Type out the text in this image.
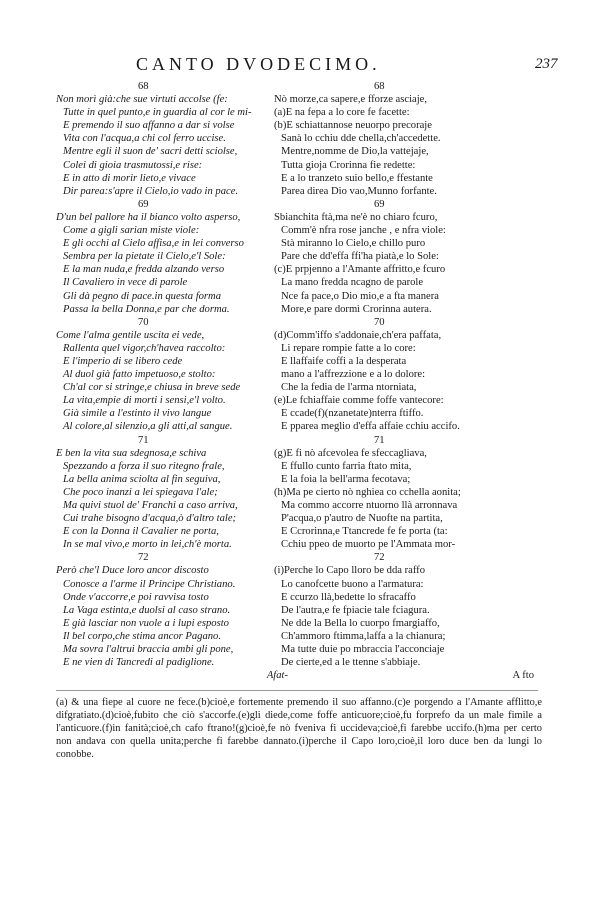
CANTO DVODECIMO.	237
68
Non morì già:che sue virtuti accolse (fe:
Tutte in quel punto,e in guardia al cor le mi-
E premendo il suo affanno a dar si volse
Vita con l'acqua,a chi col ferro uccise.
Mentre egli il suon de' sacri detti sciolse,
Colei di gioia trasmutossi,e rise:
E in atto di morir lieto,e vivace
Dir parea:s'apre il Cielo,io vado in pace.
69
D'un bel pallore ha il bianco volto asperso,
Come a gigli sarian miste viole:
E gli occhi al Cielo affisa,e in lei converso
Sembra per la pietate il Cielo,e'l Sole:
E la man nuda,e fredda alzando verso
Il Cavaliero in vece di parole
Gli dà pegno di pace.in questa forma
Passa la bella Donna,e par che dorma.
70
Come l'alma gentile uscita ei vede,
Rallenta quel vigor,ch'havea raccolto:
E l'imperio di se libero cede
Al duol già fatto impetuoso,e stolto:
Ch'al cor si stringe,e chiusa in breve sede
La vita,empie di morti i sensi,e'l volto.
Già simile a l'estinto il vivo langue
Al colore,al silenzio,a gli atti,al sangue.
71
E ben la vita sua sdegnosa,e schiva
Spezzando a forza il suo ritegno frale,
La bella anima sciolta al fin seguiva,
Che poco inanzi a lei spiegava l'ale;
Ma quivi stuol de' Franchi a caso arriva,
Cui trahe bisogno d'acqua,ò d'altro tale;
E con la Donna il Cavalier ne porta,
In se mal vivo,e morto in lei,ch'è morta.
72
Però che'l Duce loro ancor discosto
Conosce a l'arme il Principe Christiano.
Onde v'accorre,e poi ravvisa tosto
La Vaga estinta,e duolsi al caso strano.
E già lasciar non vuole a i lupi esposto
Il bel corpo,che stima ancor Pagano.
Ma sovra l'altrui braccia ambi gli pone,
E ne vien di Tancredi al padiglione.
Afat-
68
Nò morze,ca sapere,e fforze asciaje,
(a)E na fepa a lo core fe facette:
(b)E schiattannose neuorpo precoraje
Sanà lo cchiu dde chella,ch'accedette.
Mentre,nomme de Dio,la vattejaje,
Tutta gioja Crorinna fie redette:
E a lo tranzeto suio bello,e ffestante
Parea direa Dio vao,Munno forfante.
69
Sbianchita ftà,ma ne'è no chiaro fcuro,
Comm'è nfra rose janche , e nfra viole:
Stà miranno lo Cielo,e chillo puro
Pare che dd'effa ffi'ha piatà,e lo Sole:
(c)E prpjenno a l'Amante affritto,e fcuro
La mano fredda ncagno de parole
Nce fa pace,o Dio mio,e a fta manera
More,e pare dormì Crorinna autera.
70
(d)Comm'iffo s'addonaie,ch'era paffata,
Li repare rompie fatte a lo core:
E llaffaife coffi a la desperata
mano a l'affrezzione e a lo dolore:
Che la fedia de l'arma ntorniata,
(e)Le fchiaffaie comme foffe vantecore:
E ccade(f)(nzanetate)nterra ftiffo.
E pparea meglio d'effa affaie cchiu accifo.
71
(g)E fi nò afcevolea fe sfeccagliava,
E ffullo cunto farria ftato mita,
E la foia la bell'arma fecotava;
(h)Ma pe cierto nò nghiea co cchella aonita;
Ma commo accorre ntuorno llà arronnava
P'acqua,o p'autro de Nuofte na partita,
E Ccrorinna,e Ttancrede fe fe porta (ta:
Cchiu ppeo de muorto pe l'Ammata mor-
72
(i)Perche lo Capo lloro be dda raffo
Lo canofcette buono a l'armatura:
E ccurzo llà,bedette lo sfracaffo
De l'autra,e fe fpiacie tale fciagura.
Ne dde la Bella lo cuorpo fmargiaffo,
Ch'ammoro ftimma,laffa a la chianura;
Ma tutte duie po mbraccia l'acconciaje
De cierte,ed a le ttenne s'abbiaje.
A fto
(a) & una fiepe al cuore ne fece.(b)cioè,e fortemente premendo il suo affanno.(c)e porgendo a l'Amante afflitto,e difgratiato.(d)cioè,fubito che ciò s'accorfe.(e)gli diede,come foffe anticuore;cioè,fu forprefo da un male fimile a l'anticuore.(f)in fanità;cioè,ch cafo ftrano!(g)cioè,fe nò fveniva fi uccideva;cioè,fi farebbe uccifo.(h)ma per certo non andava con quella unita;perche fi farebbe dannato.(i)perche il Capo loro,cioè,il loro duce ben da lungi lo conobbe.
